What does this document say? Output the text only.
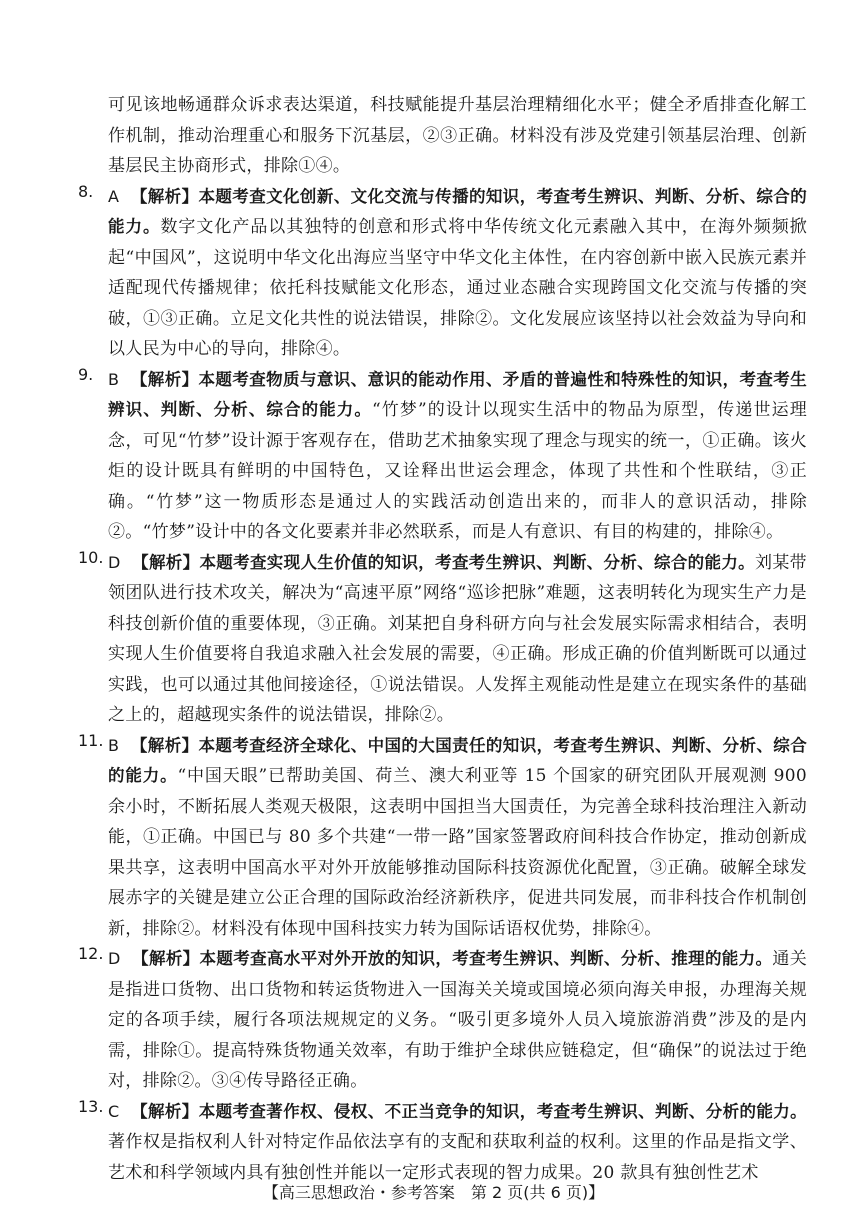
可见该地畅通群众诉求表达渠道，科技赋能提升基层治理精细化水平；健全矛盾排查化解工作机制，推动治理重心和服务下沉基层，②③正确。材料没有涉及党建引领基层治理、创新基层民主协商形式，排除①④。

8. A 【解析】本题考查文化创新、文化交流与传播的知识，考查考生辨识、判断、分析、综合的能力。数字文化产品以其独特的创意和形式将中华传统文化元素融入其中，在海外频频掀起“中国风”，这说明中华文化出海应当坚守中华文化主体性，在内容创新中嵌入民族元素并适配现代传播规律；依托科技赋能文化形态，通过业态融合实现跨国文化交流与传播的突破，①③正确。立足文化共性的说法错误，排除②。文化发展应该坚持以社会效益为导向和以人民为中心的导向，排除④。

9. B 【解析】本题考查物质与意识、意识的能动作用、矛盾的普遍性和特殊性的知识，考查考生辨识、判断、分析、综合的能力。“竹梦”的设计以现实生活中的物品为原型，传递世运理念，可见“竹梦”设计源于客观存在，借助艺术抽象实现了理念与现实的统一，①正确。该火炬的设计既具有鲜明的中国特色，又诠释出世运会理念，体现了共性和个性联结，③正确。“竹梦”这一物质形态是通过人的实践活动创造出来的，而非人的意识活动，排除②。“竹梦”设计中的各文化要素并非必然联系，而是人有意识、有目的构建的，排除④。

10. D 【解析】本题考查实现人生价值的知识，考查考生辨识、判断、分析、综合的能力。刘某带领团队进行技术攻关，解决为“高速平原”网络“巡诊把脉”难题，这表明转化为现实生产力是科技创新价值的重要体现，③正确。刘某把自身科研方向与社会发展实际需求相结合，表明实现人生价值要将自我追求融入社会发展的需要，④正确。形成正确的价值判断既可以通过实践，也可以通过其他间接途径，①说法错误。人发挥主观能动性是建立在现实条件的基础之上的，超越现实条件的说法错误，排除②。

11. B 【解析】本题考查经济全球化、中国的大国责任的知识，考查考生辨识、判断、分析、综合的能力。“中国天眼”已帮助美国、荷兰、澳大利亚等 15 个国家的研究团队开展观测 900 余小时，不断拓展人类观天极限，这表明中国担当大国责任，为完善全球科技治理注入新动能，①正确。中国已与 80 多个共建“一带一路”国家签署政府间科技合作协定，推动创新成果共享，这表明中国高水平对外开放能够推动国际科技资源优化配置，③正确。破解全球发展赤字的关键是建立公正合理的国际政治经济新秩序，促进共同发展，而非科技合作机制创新，排除②。材料没有体现中国科技实力转为国际话语权优势，排除④。

12. D 【解析】本题考查高水平对外开放的知识，考查考生辨识、判断、分析、推理的能力。通关是指进口货物、出口货物和转运货物进入一国海关关境或国境必须向海关申报，办理海关规定的各项手续，履行各项法规规定的义务。“吸引更多境外人员入境旅游消费”涉及的是内需，排除①。提高特殊货物通关效率，有助于维护全球供应链稳定，但“确保”的说法过于绝对，排除②。③④传导路径正确。

13. C 【解析】本题考查著作权、侵权、不正当竞争的知识，考查考生辨识、判断、分析的能力。著作权是指权利人针对特定作品依法享有的支配和获取利益的权利。这里的作品是指文学、艺术和科学领域内具有独创性并能以一定形式表现的智力成果。20 款具有独创性艺术

【高三思想政治・参考答案　第 2 页(共 6 页)】
